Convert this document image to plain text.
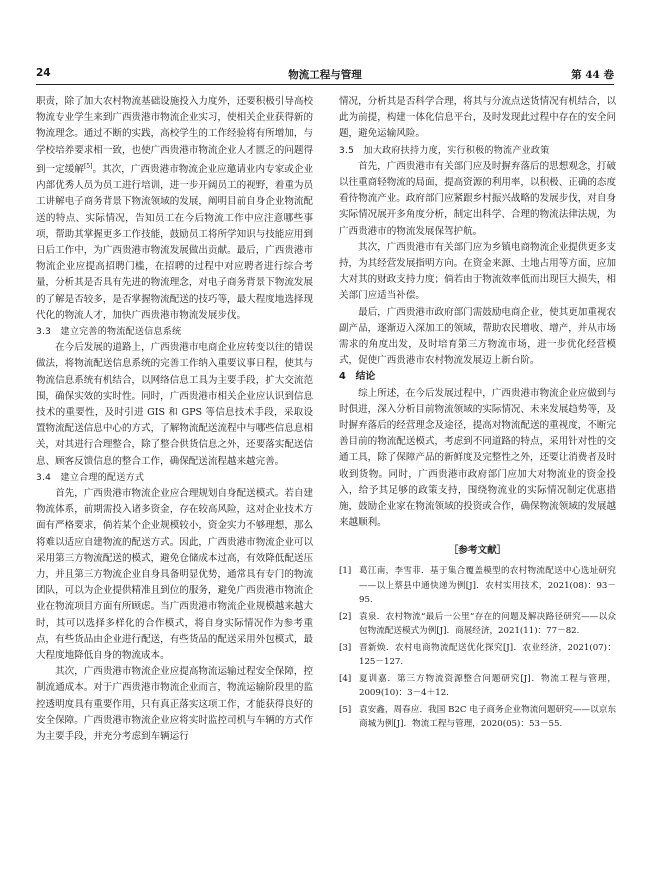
24	物流工程与管理	第 44 卷

职责，除了加大农村物流基础设施投入力度外，还要积极引导高校物流专业学生来到广西贵港市物流企业实习，使相关企业获得新的物流理念。通过不断的实践，高校学生的工作经验将有所增加，与学校培养要求相一致，也使广西贵港市物流企业人才匮乏的问题得到一定缓解[5]。其次，广西贵港市物流企业应邀请业内专家或企业内部优秀人员为员工进行培训，进一步开阔员工的视野，着重为员工讲解电子商务背景下物流领域的发展，阐明目前自身企业物流配送的特点、实际情况，告知员工在今后物流工作中应注意哪些事项，帮助其掌握更多工作技能，鼓励员工将所学知识与技能应用到日后工作中，为广西贵港市物流发展做出贡献。最后，广西贵港市物流企业应提高招聘门槛，在招聘的过程中对应聘者进行综合考量，分析其是否具有先进的物流理念，对电子商务背景下物流发展的了解是否较多，是否掌握物流配送的技巧等，最大程度地选择现代化的物流人才，加快广西贵港市物流发展步伐。

3.3　建立完善的物流配送信息系统

在今后发展的道路上，广西贵港市电商企业应转变以往的错误做法，将物流配送信息系统的完善工作纳入重要议事日程，使其与物流信息系统有机结合，以网络信息工具为主要手段，扩大交流范围，确保实效的实时性。同时，广西贵港市相关企业应认识到信息技术的重要性，及时引进 GIS 和 GPS 等信息技术手段，采取设置物流配送信息中心的方式，了解物流配送流程中与哪些信息息相关，对其进行合理整合，除了整合供货信息之外，还要落实配送信息、顾客反馈信息的整合工作，确保配送流程越来越完善。

3.4　建立合理的配送方式

首先，广西贵港市物流企业应合理规划自身配送模式。若自建物流体系，前期需投入诸多资金，存在较高风险，这对企业技术方面有严格要求，倘若某个企业规模较小，资金实力不够理想，那么将难以适应自建物流的配送方式。因此，广西贵港市物流企业可以采用第三方物流配送的模式，避免仓储成本过高，有效降低配送压力，并且第三方物流企业自身具备明显优势，通常具有专门的物流团队，可以为企业提供精准且到位的服务，避免广西贵港市物流企业在物流项目方面有所顾虑。当广西贵港市物流企业规模越来越大时，其可以选择多样化的合作模式，将自身实际情况作为参考重点，有些货品由企业进行配送，有些货品的配送采用外包模式，最大程度地降低自身的物流成本。

其次，广西贵港市物流企业应提高物流运输过程安全保障，控制流通成本。对于广西贵港市物流企业而言，物流运输阶段里的监控透明度具有重要作用，只有真正落实这项工作，才能获得良好的安全保障。广西贵港市物流企业应将实时监控司机与车辆的方式作为主要手段，并充分考虑到车辆运行

情况，分析其是否科学合理，将其与分流点送货情况有机结合，以此为前提，构建一体化信息平台，及时发现此过程中存在的安全问题，避免运输风险。

3.5　加大政府扶持力度，实行积极的物流产业政策

首先，广西贵港市有关部门应及时摒弃落后的思想观念，打破以往重商轻物流的局面，提高资源的利用率，以积极、正确的态度看待物流产业。政府部门应紧跟乡村振兴战略的发展步伐，对自身实际情况展开多角度分析，制定出科学、合理的物流法律法规，为广西贵港市的物流发展保驾护航。

其次，广西贵港市有关部门应为乡镇电商物流企业提供更多支持，为其经营发展指明方向。在资金来源、土地占用等方面，应加大对其的财政支持力度；倘若由于物流效率低而出现巨大损失，相关部门应适当补偿。

最后，广西贵港市政府部门需鼓励电商企业，使其更加重视农副产品，逐渐迈入深加工的领域，帮助农民增收、增产，并从市场需求的角度出发，及时培育第三方物流市场，进一步优化经营模式，促使广西贵港市农村物流发展迈上新台阶。

4　结论

综上所述，在今后发展过程中，广西贵港市物流企业应做到与时俱进，深入分析目前物流领域的实际情况、未来发展趋势等，及时摒弃落后的经营理念及途径，提高对物流配送的重视度，不断完善目前的物流配送模式，考虑到不同道路的特点，采用针对性的交通工具，除了保障产品的新鲜度及完整性之外，还要让消费者及时收到货物。同时，广西贵港市政府部门应加大对物流业的资金投入，给予其足够的政策支持，围绕物流业的实际情况制定优惠措施，鼓励企业家在物流领域的投资或合作，确保物流领域的发展越来越顺利。

［参考文献］
[1] 葛江南，李雪菲．基于集合覆盖模型的农村物流配送中心选址研究——以上蔡县中通快递为例[J]．农村实用技术，2021(08)：93－95.
[2] 袁泉．农村物流“最后一公里”存在的问题及解决路径研究——以众包物流配送模式为例[J]．商展经济，2021(11)：77－82.
[3] 晋新焕．农村电商物流配送优化探究[J]．农业经济，2021(07)：125－127.
[4] 夏训嘉．第三方物流资源整合问题研究[J]．物流工程与管理，2009(10)：3－4＋12.
[5] 袁安鑫，周春应．我国 B2C 电子商务企业物流问题研究——以京东商城为例[J]．物流工程与管理，2020(05)：53－55.
